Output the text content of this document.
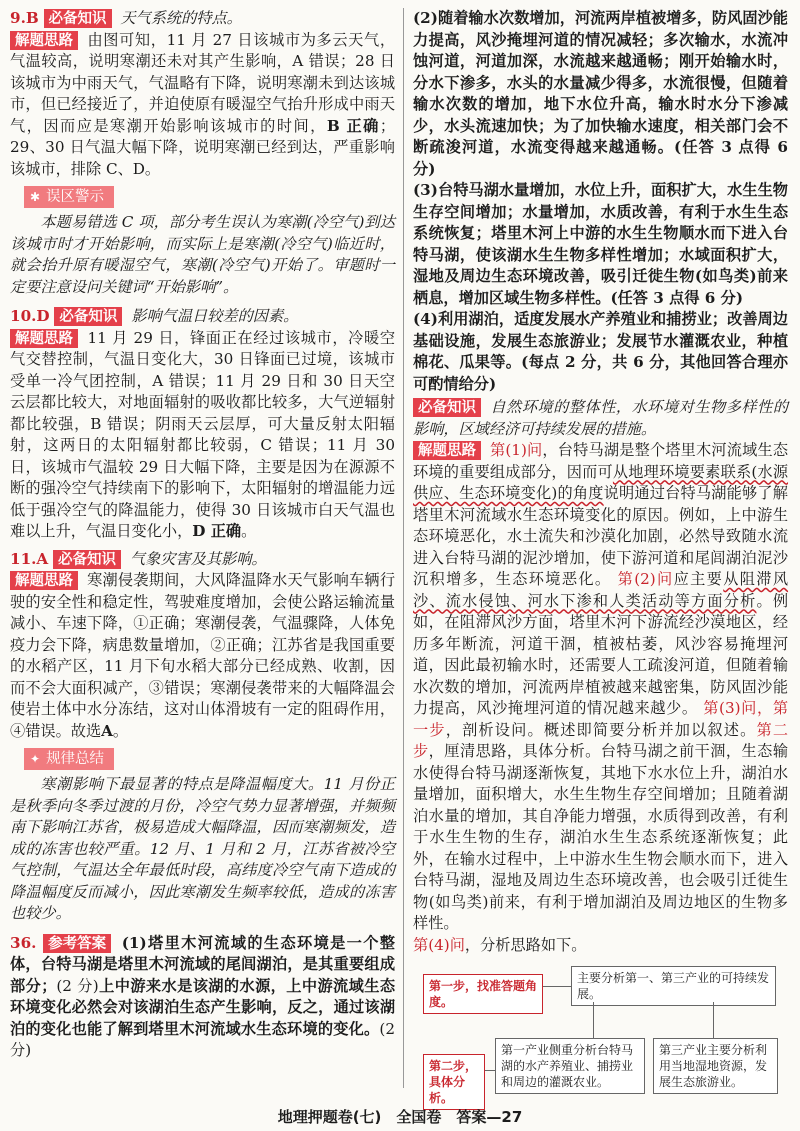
9.B 必备知识 天气系统的特点。

解题思路 由图可知，11 月 27 日该城市为多云天气，气温较高，说明寒潮还未对其产生影响，A 错误；28 日该城市为中雨天气，气温略有下降，说明寒潮未到达该城市，但已经接近了，并迫使原有暖湿空气抬升形成中雨天气，因而应是寒潮开始影响该城市的时间，B 正确；29、30 日气温大幅下降，说明寒潮已经到达，严重影响该城市，排除 C、D。

✱ 误区警示

本题易错选 C 项，部分考生误认为寒潮(冷空气)到达该城市时才开始影响，而实际上是寒潮(冷空气)临近时，就会抬升原有暖湿空气，寒潮(冷空气)开始了。审题时一定要注意设问关键词“开始影响”。

10.D 必备知识 影响气温日较差的因素。

解题思路 11 月 29 日，锋面正在经过该城市，冷暖空气交替控制，气温日变化大，30 日锋面已过境，该城市受单一冷气团控制，A 错误；11 月 29 日和 30 日天空云层都比较大，对地面辐射的吸收都比较多，大气逆辐射都比较强，B 错误；阴雨天云层厚，可大量反射太阳辐射，这两日的太阳辐射都比较弱，C 错误；11 月 30 日，该城市气温较 29 日大幅下降，主要是因为在源源不断的强冷空气持续南下的影响下，太阳辐射的增温能力远低于强冷空气的降温能力，使得 30 日该城市白天气温也难以上升，气温日变化小，D 正确。

11.A 必备知识 气象灾害及其影响。

解题思路 寒潮侵袭期间，大风降温降水天气影响车辆行驶的安全性和稳定性，驾驶难度增加，会使公路运输流量减小、车速下降，①正确；寒潮侵袭，气温骤降，人体免疫力会下降，病患数量增加，②正确；江苏省是我国重要的水稻产区，11 月下旬水稻大部分已经成熟、收割，因而不会大面积减产，③错误；寒潮侵袭带来的大幅降温会使岩土体中水分冻结，这对山体滑坡有一定的阻碍作用，④错误。故选A。

✦ 规律总结

寒潮影响下最显著的特点是降温幅度大。11 月份正是秋季向冬季过渡的月份，冷空气势力显著增强，并频频南下影响江苏省，极易造成大幅降温，因而寒潮频发，造成的冻害也较严重。12 月、1 月和 2 月，江苏省被冷空气控制，气温达全年最低时段，高纬度冷空气南下造成的降温幅度反而减小，因此寒潮发生频率较低，造成的冻害也较少。

36. 参考答案 (1)塔里木河流域的生态环境是一个整体，台特马湖是塔里木河流域的尾闾湖泊，是其重要组成部分；(2 分)上中游来水是该湖的水源，上中游流域生态环境变化必然会对该湖泊生态产生影响，反之，通过该湖泊的变化也能了解到塔里木河流域水生态环境的变化。(2 分)

(2)随着输水次数增加，河流两岸植被增多，防风固沙能力提高，风沙掩埋河道的情况减轻；多次输水，水流冲蚀河道，河道加深，水流越来越通畅；刚开始输水时，分水下渗多，水头的水量减少得多，水流很慢，但随着输水次数的增加，地下水位升高，输水时水分下渗减少，水头流速加快；为了加快输水速度，相关部门会不断疏浚河道，水流变得越来越通畅。(任答 3 点得 6 分)

(3)台特马湖水量增加，水位上升，面积扩大，水生生物生存空间增加；水量增加，水质改善，有利于水生生态系统恢复；塔里木河上中游的水生生物顺水而下进入台特马湖，使该湖水生生物多样性增加；水域面积扩大，湿地及周边生态环境改善，吸引迁徙生物(如鸟类)前来栖息，增加区域生物多样性。(任答 3 点得 6 分)

(4)利用湖泊，适度发展水产养殖业和捕捞业；改善周边基础设施，发展生态旅游业；发展节水灌溉农业，种植棉花、瓜果等。(每点 2 分，共 6 分，其他回答合理亦可酌情给分)

必备知识 自然环境的整体性，水环境对生物多样性的影响，区域经济可持续发展的措施。

解题思路 第(1)问，台特马湖是整个塔里木河流域生态环境的重要组成部分，因而可从地理环境要素联系(水源供应、生态环境变化)的角度说明通过台特马湖能够了解塔里木河流域水生态环境变化的原因。例如，上中游生态环境恶化，水土流失和沙漠化加剧，必然导致随水流进入台特马湖的泥沙增加，使下游河道和尾闾湖泊泥沙沉积增多，生态环境恶化。 第(2)问应主要从阻滞风沙、流水侵蚀、河水下渗和人类活动等方面分析。例如，在阻滞风沙方面，塔里木河下游流经沙漠地区，经历多年断流，河道干涸，植被枯萎，风沙容易掩埋河道，因此最初输水时，还需要人工疏浚河道，但随着输水次数的增加，河流两岸植被越来越密集，防风固沙能力提高，风沙掩埋河道的情况越来越少。 第(3)问，第一步，剖析设问。概述即简要分析并加以叙述。第二步，厘清思路，具体分析。台特马湖之前干涸，生态输水使得台特马湖逐渐恢复，其地下水水位上升，湖泊水量增加，面积增大，水生生物生存空间增加；且随着湖泊水量的增加，其自净能力增强，水质得到改善，有利于水生生物的生存，湖泊水生生态系统逐渐恢复；此外，在输水过程中，上中游水生生物会顺水而下，进入台特马湖，湿地及周边生态环境改善，也会吸引迁徙生物(如鸟类)前来，有利于增加湖泊及周边地区的生物多样性。

第(4)问，分析思路如下。

第一步，找准答题角度。
主要分析第一、第三产业的可持续发展。
第二步，具体分析。
第一产业侧重分析台特马湖的水产养殖业、捕捞业和周边的灌溉农业。
第三产业主要分析利用当地湿地资源，发展生态旅游业。
地理押题卷(七)　全国卷　答案—27
